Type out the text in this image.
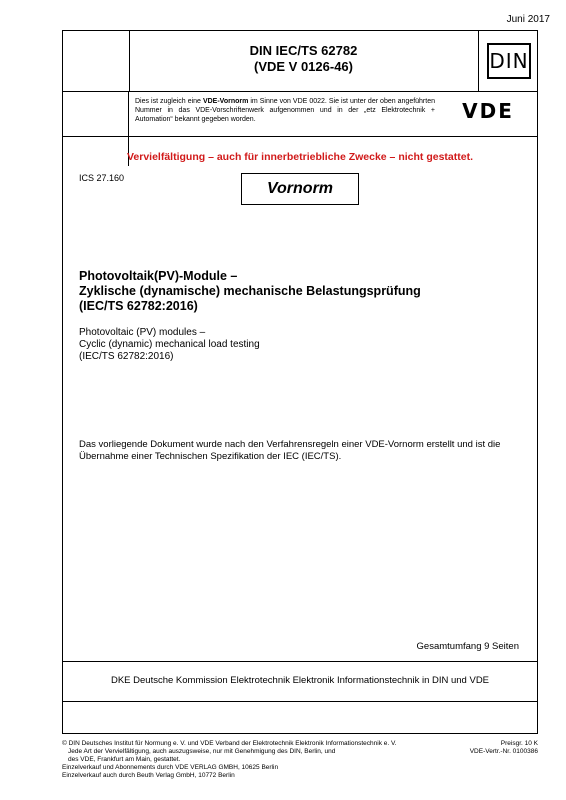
Juni 2017
DIN IEC/TS 62782
(VDE V 0126-46)	DIN
Dies ist zugleich eine VDE-Vornorm im Sinne von VDE 0022. Sie ist unter der oben angeführten Nummer in das VDE-Vorschriftenwerk aufgenommen und in der „etz Elektrotechnik + Automation“ bekannt gegeben worden.	VDE
Vervielfältigung – auch für innerbetriebliche Zwecke – nicht gestattet.
ICS 27.160
Vornorm
Photovoltaik(PV)-Module –
Zyklische (dynamische) mechanische Belastungsprüfung
(IEC/TS 62782:2016)
Photovoltaic (PV) modules –
Cyclic (dynamic) mechanical load testing
(IEC/TS 62782:2016)
Das vorliegende Dokument wurde nach den Verfahrensregeln einer VDE-Vornorm erstellt und ist die Übernahme einer Technischen Spezifikation der IEC (IEC/TS).
Gesamtumfang 9 Seiten
DKE Deutsche Kommission Elektrotechnik Elektronik Informationstechnik in DIN und VDE
© DIN Deutsches Institut für Normung e. V. und VDE Verband der Elektrotechnik Elektronik Informationstechnik e. V.
Jede Art der Vervielfältigung, auch auszugsweise, nur mit Genehmigung des DIN, Berlin, und
des VDE, Frankfurt am Main, gestattet.
Einzelverkauf und Abonnements durch VDE VERLAG GMBH, 10625 Berlin
Einzelverkauf auch durch Beuth Verlag GmbH, 10772 Berlin
Preisgr. 10 K
VDE-Vertr.-Nr. 0100386
